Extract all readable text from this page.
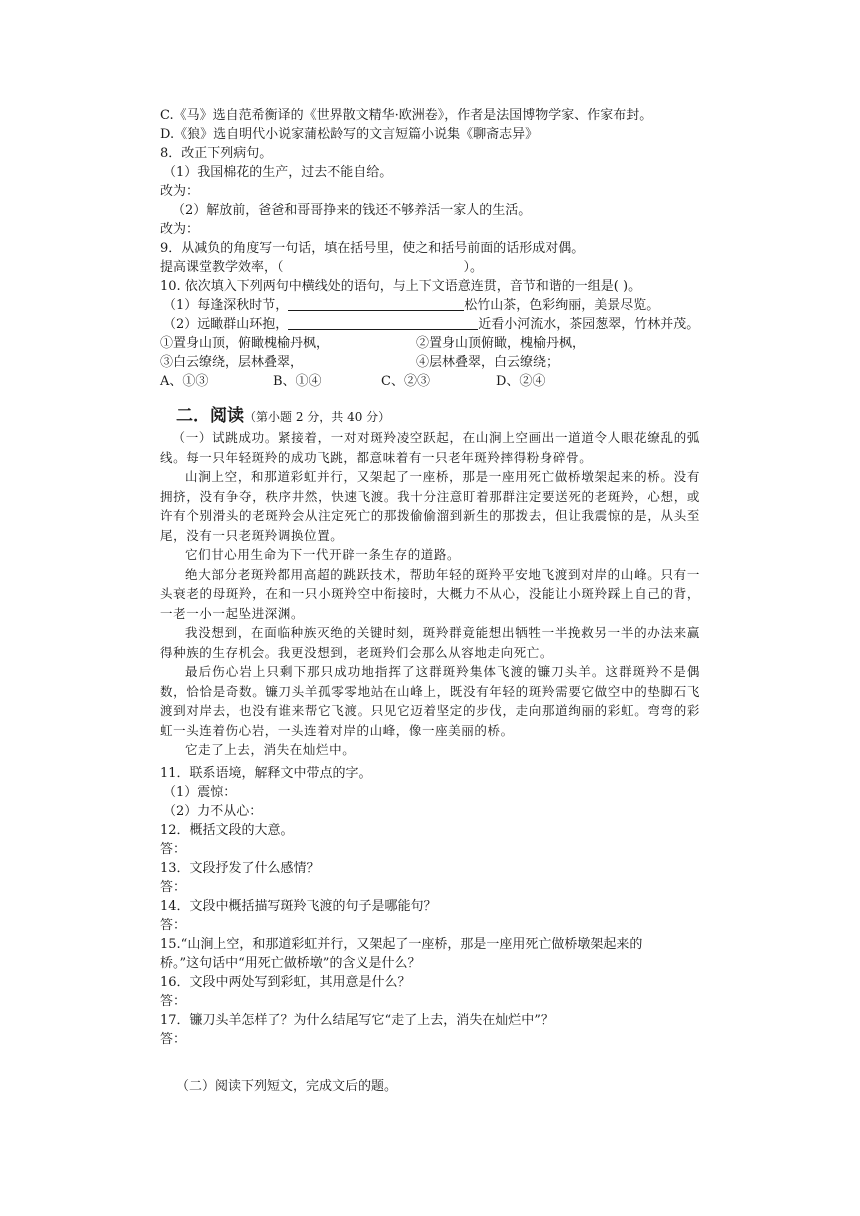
C.《马》选自范希衡译的《世界散文精华·欧洲卷》，作者是法国博物学家、作家布封。
D.《狼》选自明代小说家蒲松龄写的文言短篇小说集《聊斋志异》
8．改正下列病句。
（1）我国棉花的生产，过去不能自给。
改为：
（2）解放前，爸爸和哥哥挣来的钱还不够养活一家人的生活。
改为：
9．从减负的角度写一句话，填在括号里，使之和括号前面的话形成对偶。
提高课堂教学效率，（	）。
10. 依次填入下列两句中横线处的语句，与上下文语意连贯，音节和谐的一组是( )。
（1）每逢深秋时节，	松竹山茶，色彩绚丽，美景尽览。
（2）远瞰群山环抱，	近看小河流水，茶园葱翠，竹林并茂。
①置身山顶，俯瞰槐榆丹枫，	②置身山顶俯瞰，槐榆丹枫，
③白云缭绕，层林叠翠，	④层林叠翠，白云缭绕；
A、①③	B、①④	C、②③	D、②④
二．阅读（第小题 2 分，共 40 分）

（一）试跳成功。紧接着，一对对斑羚凌空跃起，在山涧上空画出一道道令人眼花缭乱的弧线。每一只年轻斑羚的成功飞跳，都意味着有一只老年斑羚摔得粉身碎骨。

山涧上空，和那道彩虹并行，又架起了一座桥，那是一座用死亡做桥墩架起来的桥。没有拥挤，没有争夺，秩序井然，快速飞渡。我十分注意盯着那群注定要送死的老斑羚，心想，或许有个别滑头的老斑羚会从注定死亡的那拨偷偷溜到新生的那拨去，但让我震惊的是，从头至尾，没有一只老斑羚调换位置。

它们甘心用生命为下一代开辟一条生存的道路。

绝大部分老斑羚都用高超的跳跃技术，帮助年轻的斑羚平安地飞渡到对岸的山峰。只有一头衰老的母斑羚，在和一只小斑羚空中衔接时，大概力不从心，没能让小斑羚踩上自己的背，一老一小一起坠进深渊。

我没想到，在面临种族灭绝的关键时刻，斑羚群竟能想出牺牲一半挽救另一半的办法来赢得种族的生存机会。我更没想到，老斑羚们会那么从容地走向死亡。

最后伤心岩上只剩下那只成功地指挥了这群斑羚集体飞渡的镰刀头羊。这群斑羚不是偶数，恰恰是奇数。镰刀头羊孤零零地站在山峰上，既没有年轻的斑羚需要它做空中的垫脚石飞渡到对岸去，也没有谁来帮它飞渡。只见它迈着坚定的步伐，走向那道绚丽的彩虹。弯弯的彩虹一头连着伤心岩，一头连着对岸的山峰，像一座美丽的桥。

它走了上去，消失在灿烂中。

11．联系语境，解释文中带点的字。
（1）震惊：
（2）力不从心：
12．概括文段的大意。
答：
13．文段抒发了什么感情？
答：
14．文段中概括描写斑羚飞渡的句子是哪能句？
答：
15.“山涧上空，和那道彩虹并行，又架起了一座桥，那是一座用死亡做桥墩架起来的
桥。”这句话中“用死亡做桥墩”的含义是什么？
16．文段中两处写到彩虹，其用意是什么？
答：
17．镰刀头羊怎样了？为什么结尾写它“走了上去，消失在灿烂中”？
答：
（二）阅读下列短文，完成文后的题。
